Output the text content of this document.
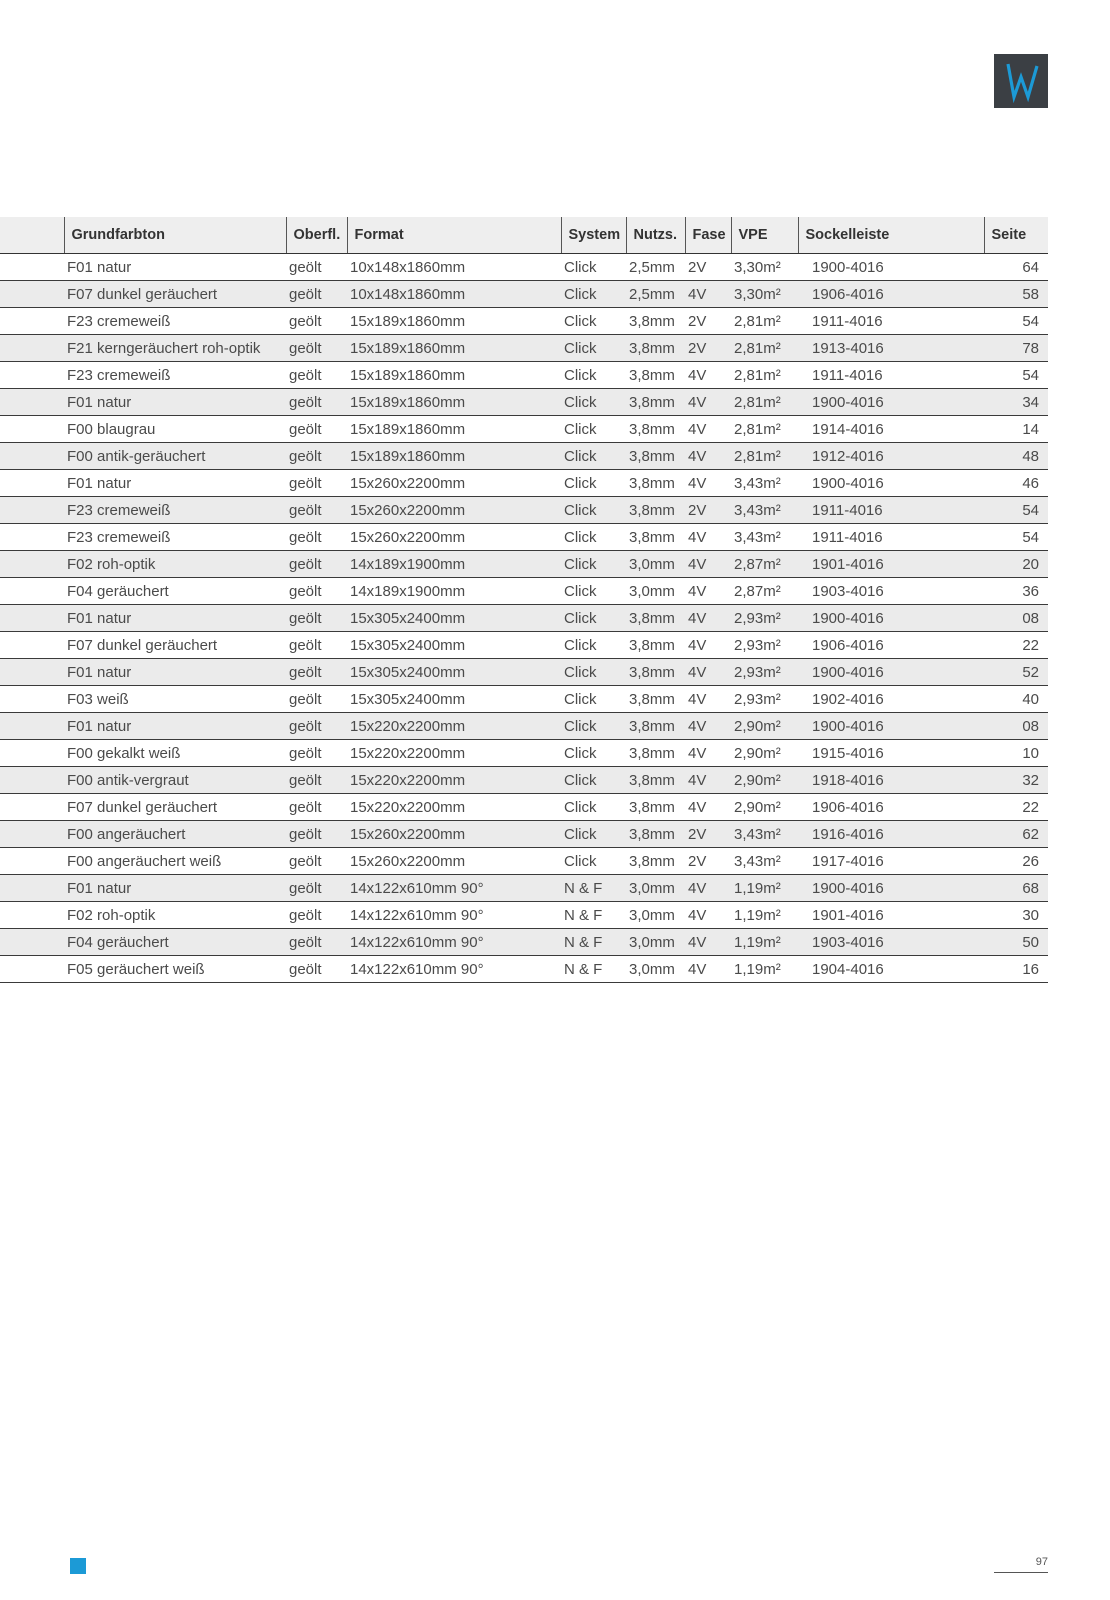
	Grundfarbton	Oberfl.	Format	System	Nutzs.	Fase	VPE	Sockelleiste	Seite
	F01 natur	geölt	10x148x1860mm	Click	2,5mm	2V	3,30m²	1900-4016	64
	F07 dunkel geräuchert	geölt	10x148x1860mm	Click	2,5mm	4V	3,30m²	1906-4016	58
	F23 cremeweiß	geölt	15x189x1860mm	Click	3,8mm	2V	2,81m²	1911-4016	54
	F21 kerngeräuchert roh-optik	geölt	15x189x1860mm	Click	3,8mm	2V	2,81m²	1913-4016	78
	F23 cremeweiß	geölt	15x189x1860mm	Click	3,8mm	4V	2,81m²	1911-4016	54
	F01 natur	geölt	15x189x1860mm	Click	3,8mm	4V	2,81m²	1900-4016	34
	F00 blaugrau	geölt	15x189x1860mm	Click	3,8mm	4V	2,81m²	1914-4016	14
	F00 antik-geräuchert	geölt	15x189x1860mm	Click	3,8mm	4V	2,81m²	1912-4016	48
	F01 natur	geölt	15x260x2200mm	Click	3,8mm	4V	3,43m²	1900-4016	46
	F23 cremeweiß	geölt	15x260x2200mm	Click	3,8mm	2V	3,43m²	1911-4016	54
	F23 cremeweiß	geölt	15x260x2200mm	Click	3,8mm	4V	3,43m²	1911-4016	54
	F02 roh-optik	geölt	14x189x1900mm	Click	3,0mm	4V	2,87m²	1901-4016	20
	F04 geräuchert	geölt	14x189x1900mm	Click	3,0mm	4V	2,87m²	1903-4016	36
	F01 natur	geölt	15x305x2400mm	Click	3,8mm	4V	2,93m²	1900-4016	08
	F07 dunkel geräuchert	geölt	15x305x2400mm	Click	3,8mm	4V	2,93m²	1906-4016	22
	F01 natur	geölt	15x305x2400mm	Click	3,8mm	4V	2,93m²	1900-4016	52
	F03 weiß	geölt	15x305x2400mm	Click	3,8mm	4V	2,93m²	1902-4016	40
	F01 natur	geölt	15x220x2200mm	Click	3,8mm	4V	2,90m²	1900-4016	08
	F00 gekalkt weiß	geölt	15x220x2200mm	Click	3,8mm	4V	2,90m²	1915-4016	10
	F00 antik-vergraut	geölt	15x220x2200mm	Click	3,8mm	4V	2,90m²	1918-4016	32
	F07 dunkel geräuchert	geölt	15x220x2200mm	Click	3,8mm	4V	2,90m²	1906-4016	22
	F00 angeräuchert	geölt	15x260x2200mm	Click	3,8mm	2V	3,43m²	1916-4016	62
	F00 angeräuchert weiß	geölt	15x260x2200mm	Click	3,8mm	2V	3,43m²	1917-4016	26
	F01 natur	geölt	14x122x610mm 90°	N & F	3,0mm	4V	1,19m²	1900-4016	68
	F02 roh-optik	geölt	14x122x610mm 90°	N & F	3,0mm	4V	1,19m²	1901-4016	30
	F04 geräuchert	geölt	14x122x610mm 90°	N & F	3,0mm	4V	1,19m²	1903-4016	50
	F05 geräuchert weiß	geölt	14x122x610mm 90°	N & F	3,0mm	4V	1,19m²	1904-4016	16
97
